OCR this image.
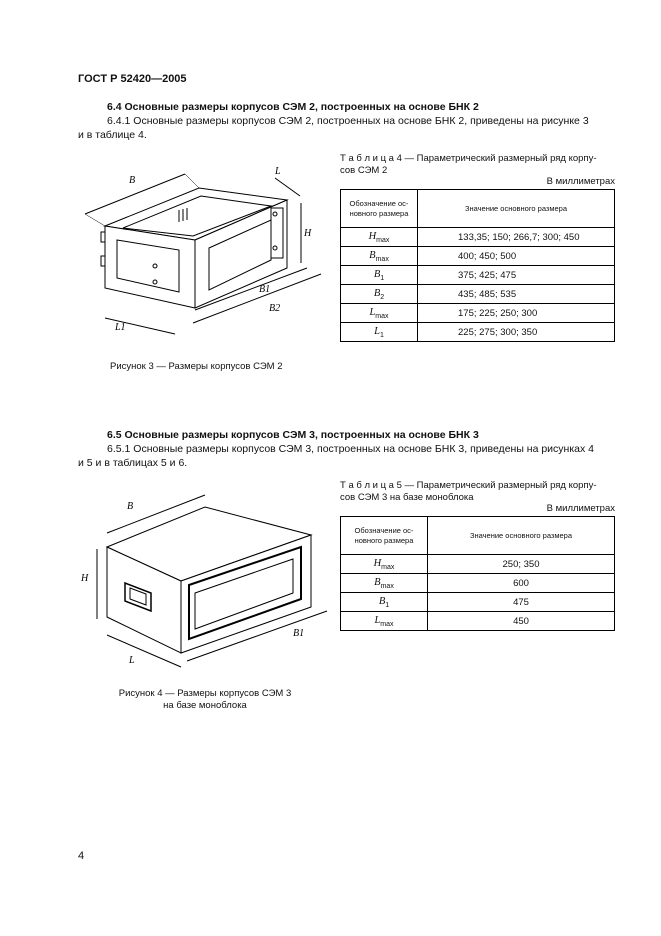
ГОСТ Р 52420—2005
6.4 Основные размеры корпусов СЭМ 2, построенных на основе БНК 2
6.4.1 Основные размеры корпусов СЭМ 2, построенных на основе БНК 2, приведены на рисунке 3
и в таблице 4.
B
L
H
B1
B2
L1
Рисунок 3 — Размеры корпусов СЭМ 2
Т а б л и ц а 4 — Параметрический размерный ряд корпу-
сов СЭМ 2
В миллиметрах
Обозначение ос-
новного размера	Значение основного размера
$H_{max}$	133,35; 150; 266,7; 300; 450
$B_{max}$	400; 450; 500
$B_1$	375; 425; 475
$B_2$	435; 485; 535
$L_{max}$	175; 225; 250; 300
$L_1$	225; 275; 300; 350
6.5 Основные размеры корпусов СЭМ 3, построенных на основе БНК 3
6.5.1 Основные размеры корпусов СЭМ 3, построенных на основе БНК 3, приведены на рисунках 4
и 5 и в таблицах 5 и 6.
B
H
B1
L
Рисунок 4 — Размеры корпусов СЭМ 3
на базе моноблока
Т а б л и ц а 5 — Параметрический размерный ряд корпу-
сов СЭМ 3 на базе моноблока
В миллиметрах
Обозначение ос-
новного размера	Значение основного размера
$H_{max}$	250; 350
$B_{max}$	600
$B_1$	475
$L_{max}$	450
4
